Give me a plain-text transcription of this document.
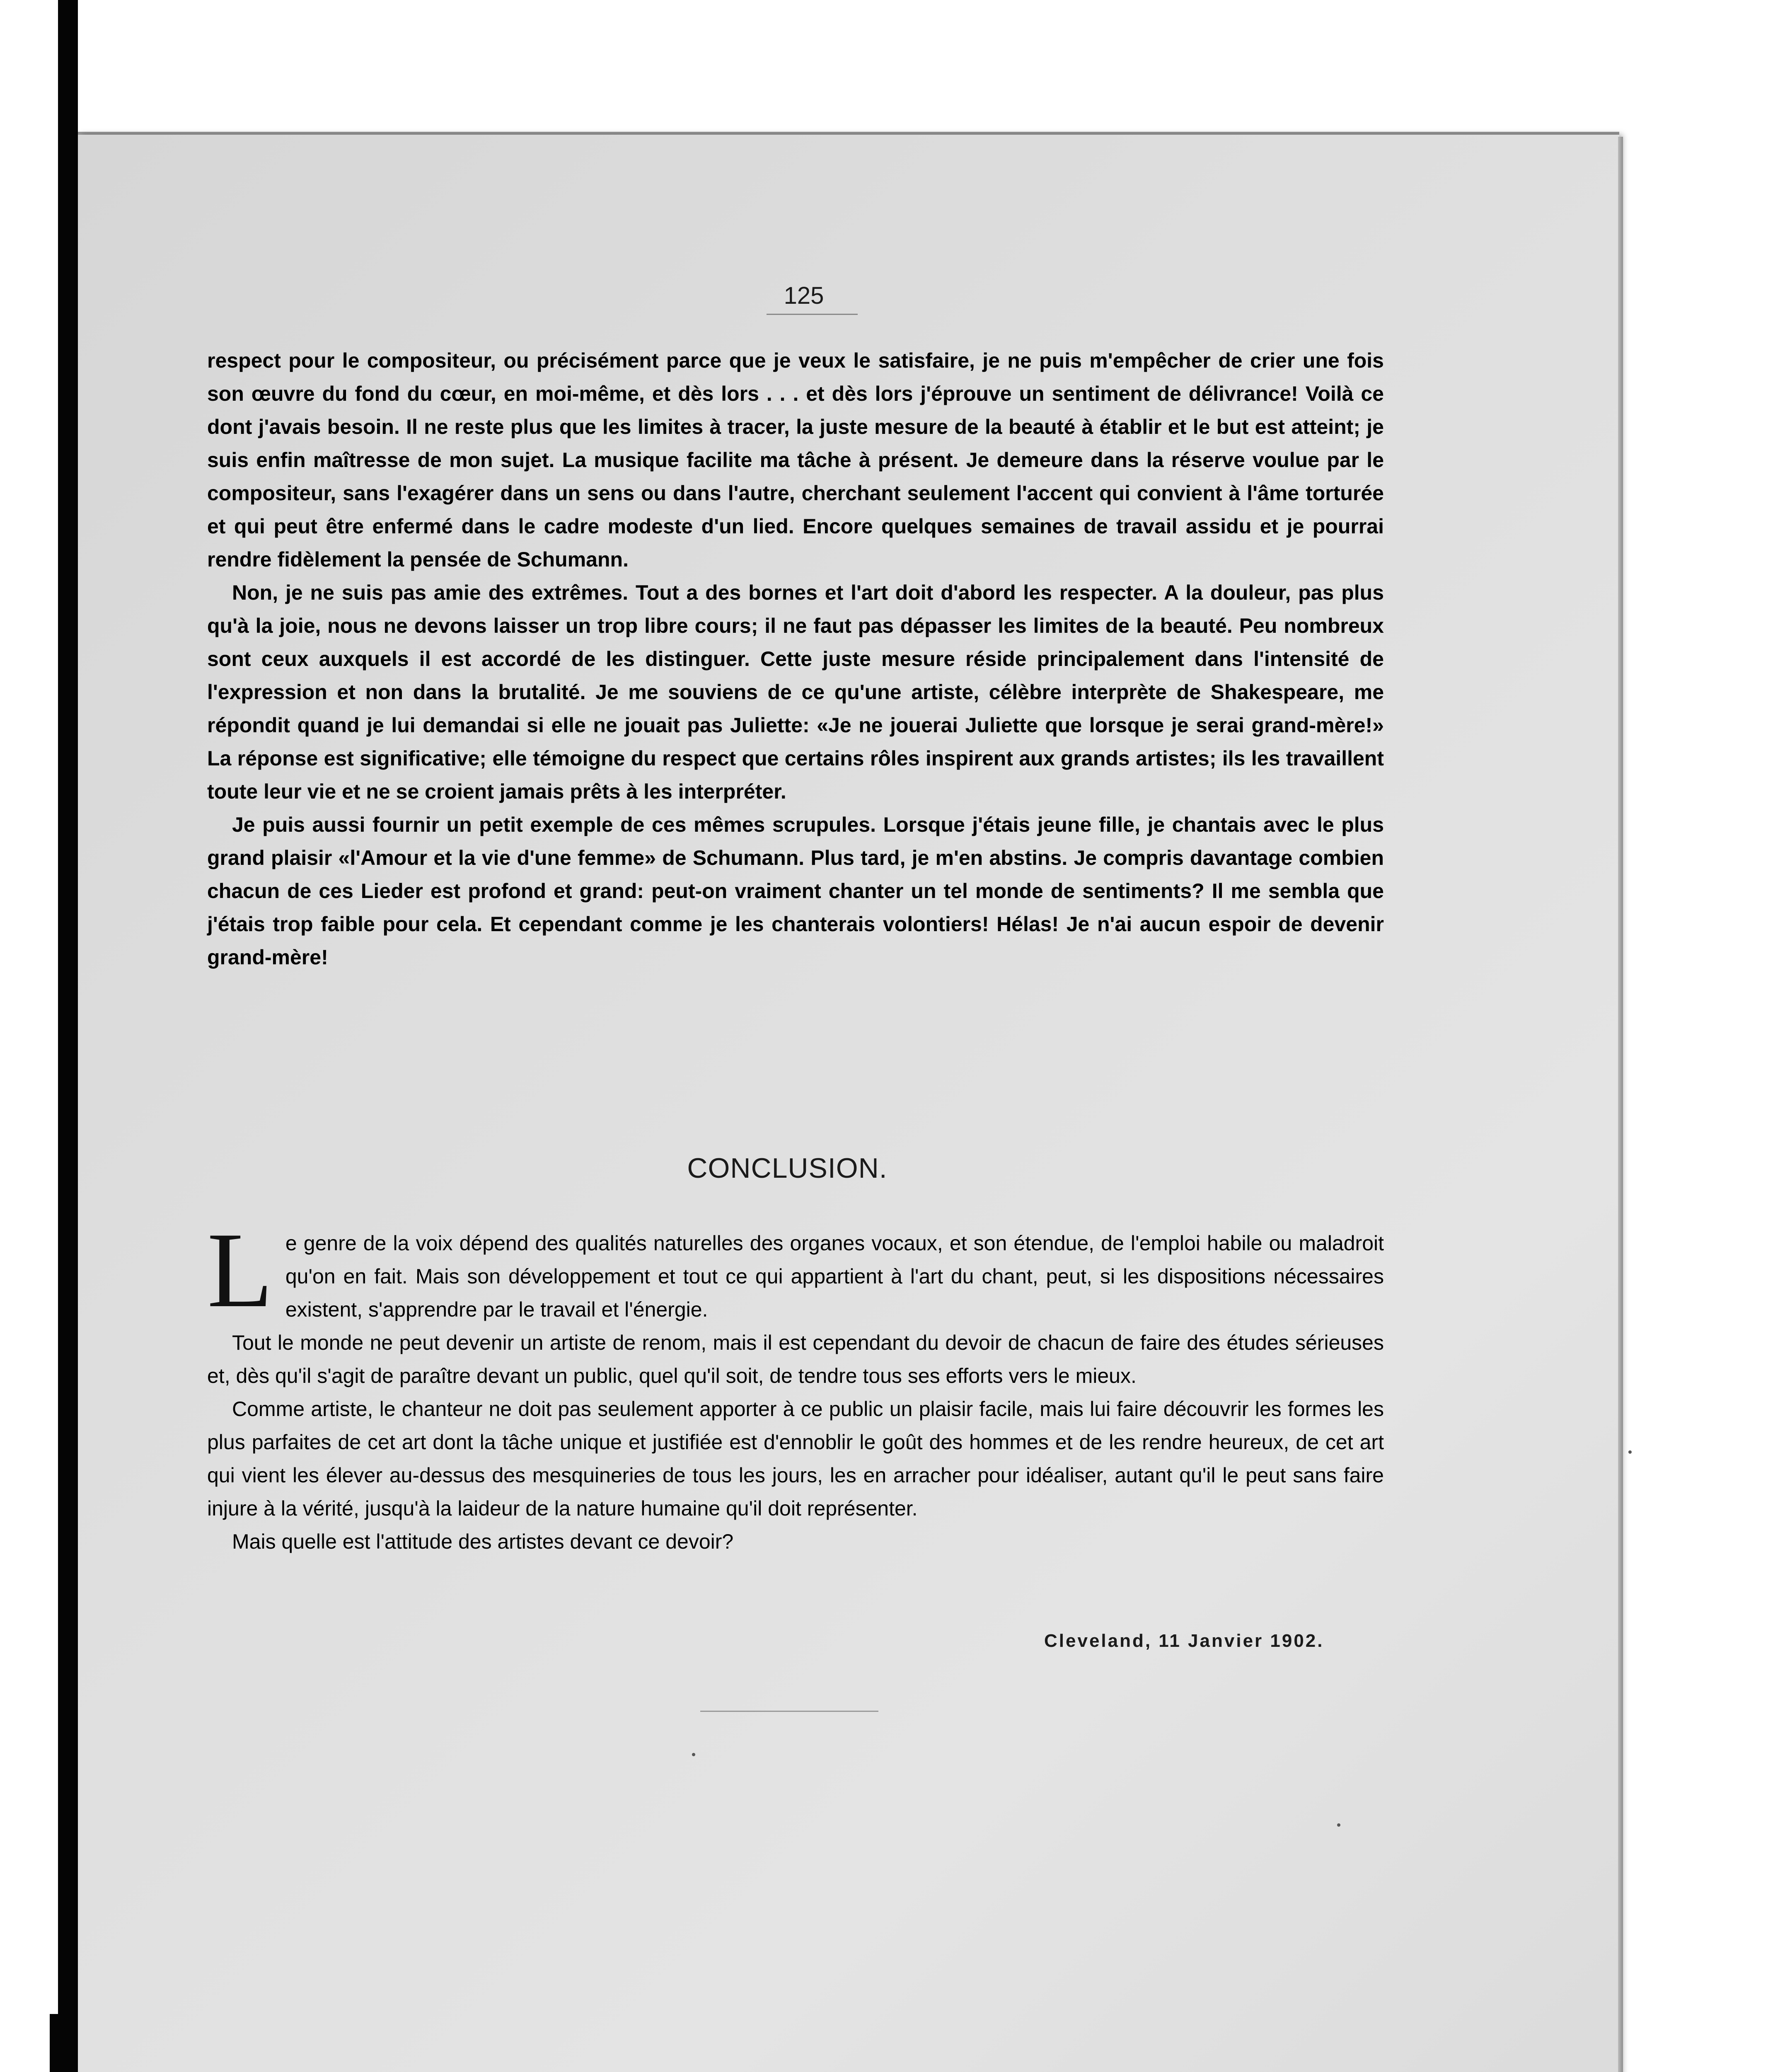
125

respect pour le compositeur, ou précisément parce que je veux le satisfaire, je ne puis m'empêcher de crier une fois son œuvre du fond du cœur, en moi-même, et dès lors . . . et dès lors j'éprouve un sentiment de délivrance! Voilà ce dont j'avais besoin. Il ne reste plus que les limites à tracer, la juste mesure de la beauté à établir et le but est atteint; je suis enfin maîtresse de mon sujet. La musique facilite ma tâche à présent. Je demeure dans la réserve voulue par le compositeur, sans l'exagérer dans un sens ou dans l'autre, cherchant seulement l'accent qui convient à l'âme torturée et qui peut être enfermé dans le cadre modeste d'un lied. Encore quelques semaines de travail assidu et je pourrai rendre fidèlement la pensée de Schumann.

Non, je ne suis pas amie des extrêmes. Tout a des bornes et l'art doit d'abord les respecter. A la douleur, pas plus qu'à la joie, nous ne devons laisser un trop libre cours; il ne faut pas dépasser les limites de la beauté. Peu nombreux sont ceux auxquels il est accordé de les distinguer. Cette juste mesure réside principalement dans l'intensité de l'expression et non dans la brutalité. Je me souviens de ce qu'une artiste, célèbre interprète de Shakespeare, me répondit quand je lui demandai si elle ne jouait pas Juliette: «Je ne jouerai Juliette que lorsque je serai grand-mère!» La réponse est significative; elle témoigne du respect que certains rôles inspirent aux grands artistes; ils les travaillent toute leur vie et ne se croient jamais prêts à les interpréter.

Je puis aussi fournir un petit exemple de ces mêmes scrupules. Lorsque j'étais jeune fille, je chantais avec le plus grand plaisir «l'Amour et la vie d'une femme» de Schumann. Plus tard, je m'en abstins. Je compris davantage combien chacun de ces Lieder est profond et grand: peut-on vraiment chanter un tel monde de sentiments? Il me sembla que j'étais trop faible pour cela. Et cependant comme je les chanterais volontiers! Hélas! Je n'ai aucun espoir de devenir grand-mère!

CONCLUSION.
L e genre de la voix dépend des qualités naturelles des organes vocaux, et son étendue, de l'emploi habile ou maladroit qu'on en fait. Mais son développement et tout ce qui appartient à l'art du chant, peut, si les dispositions nécessaires existent, s'apprendre par le travail et l'énergie.

Tout le monde ne peut devenir un artiste de renom, mais il est cependant du devoir de chacun de faire des études sérieuses et, dès qu'il s'agit de paraître devant un public, quel qu'il soit, de tendre tous ses efforts vers le mieux.

Comme artiste, le chanteur ne doit pas seulement apporter à ce public un plaisir facile, mais lui faire découvrir les formes les plus parfaites de cet art dont la tâche unique et justifiée est d'ennoblir le goût des hommes et de les rendre heureux, de cet art qui vient les élever au-dessus des mesquineries de tous les jours, les en arracher pour idéaliser, autant qu'il le peut sans faire injure à la vérité, jusqu'à la laideur de la nature humaine qu'il doit représenter.

Mais quelle est l'attitude des artistes devant ce devoir?

Cleveland, 11 Janvier 1902.
